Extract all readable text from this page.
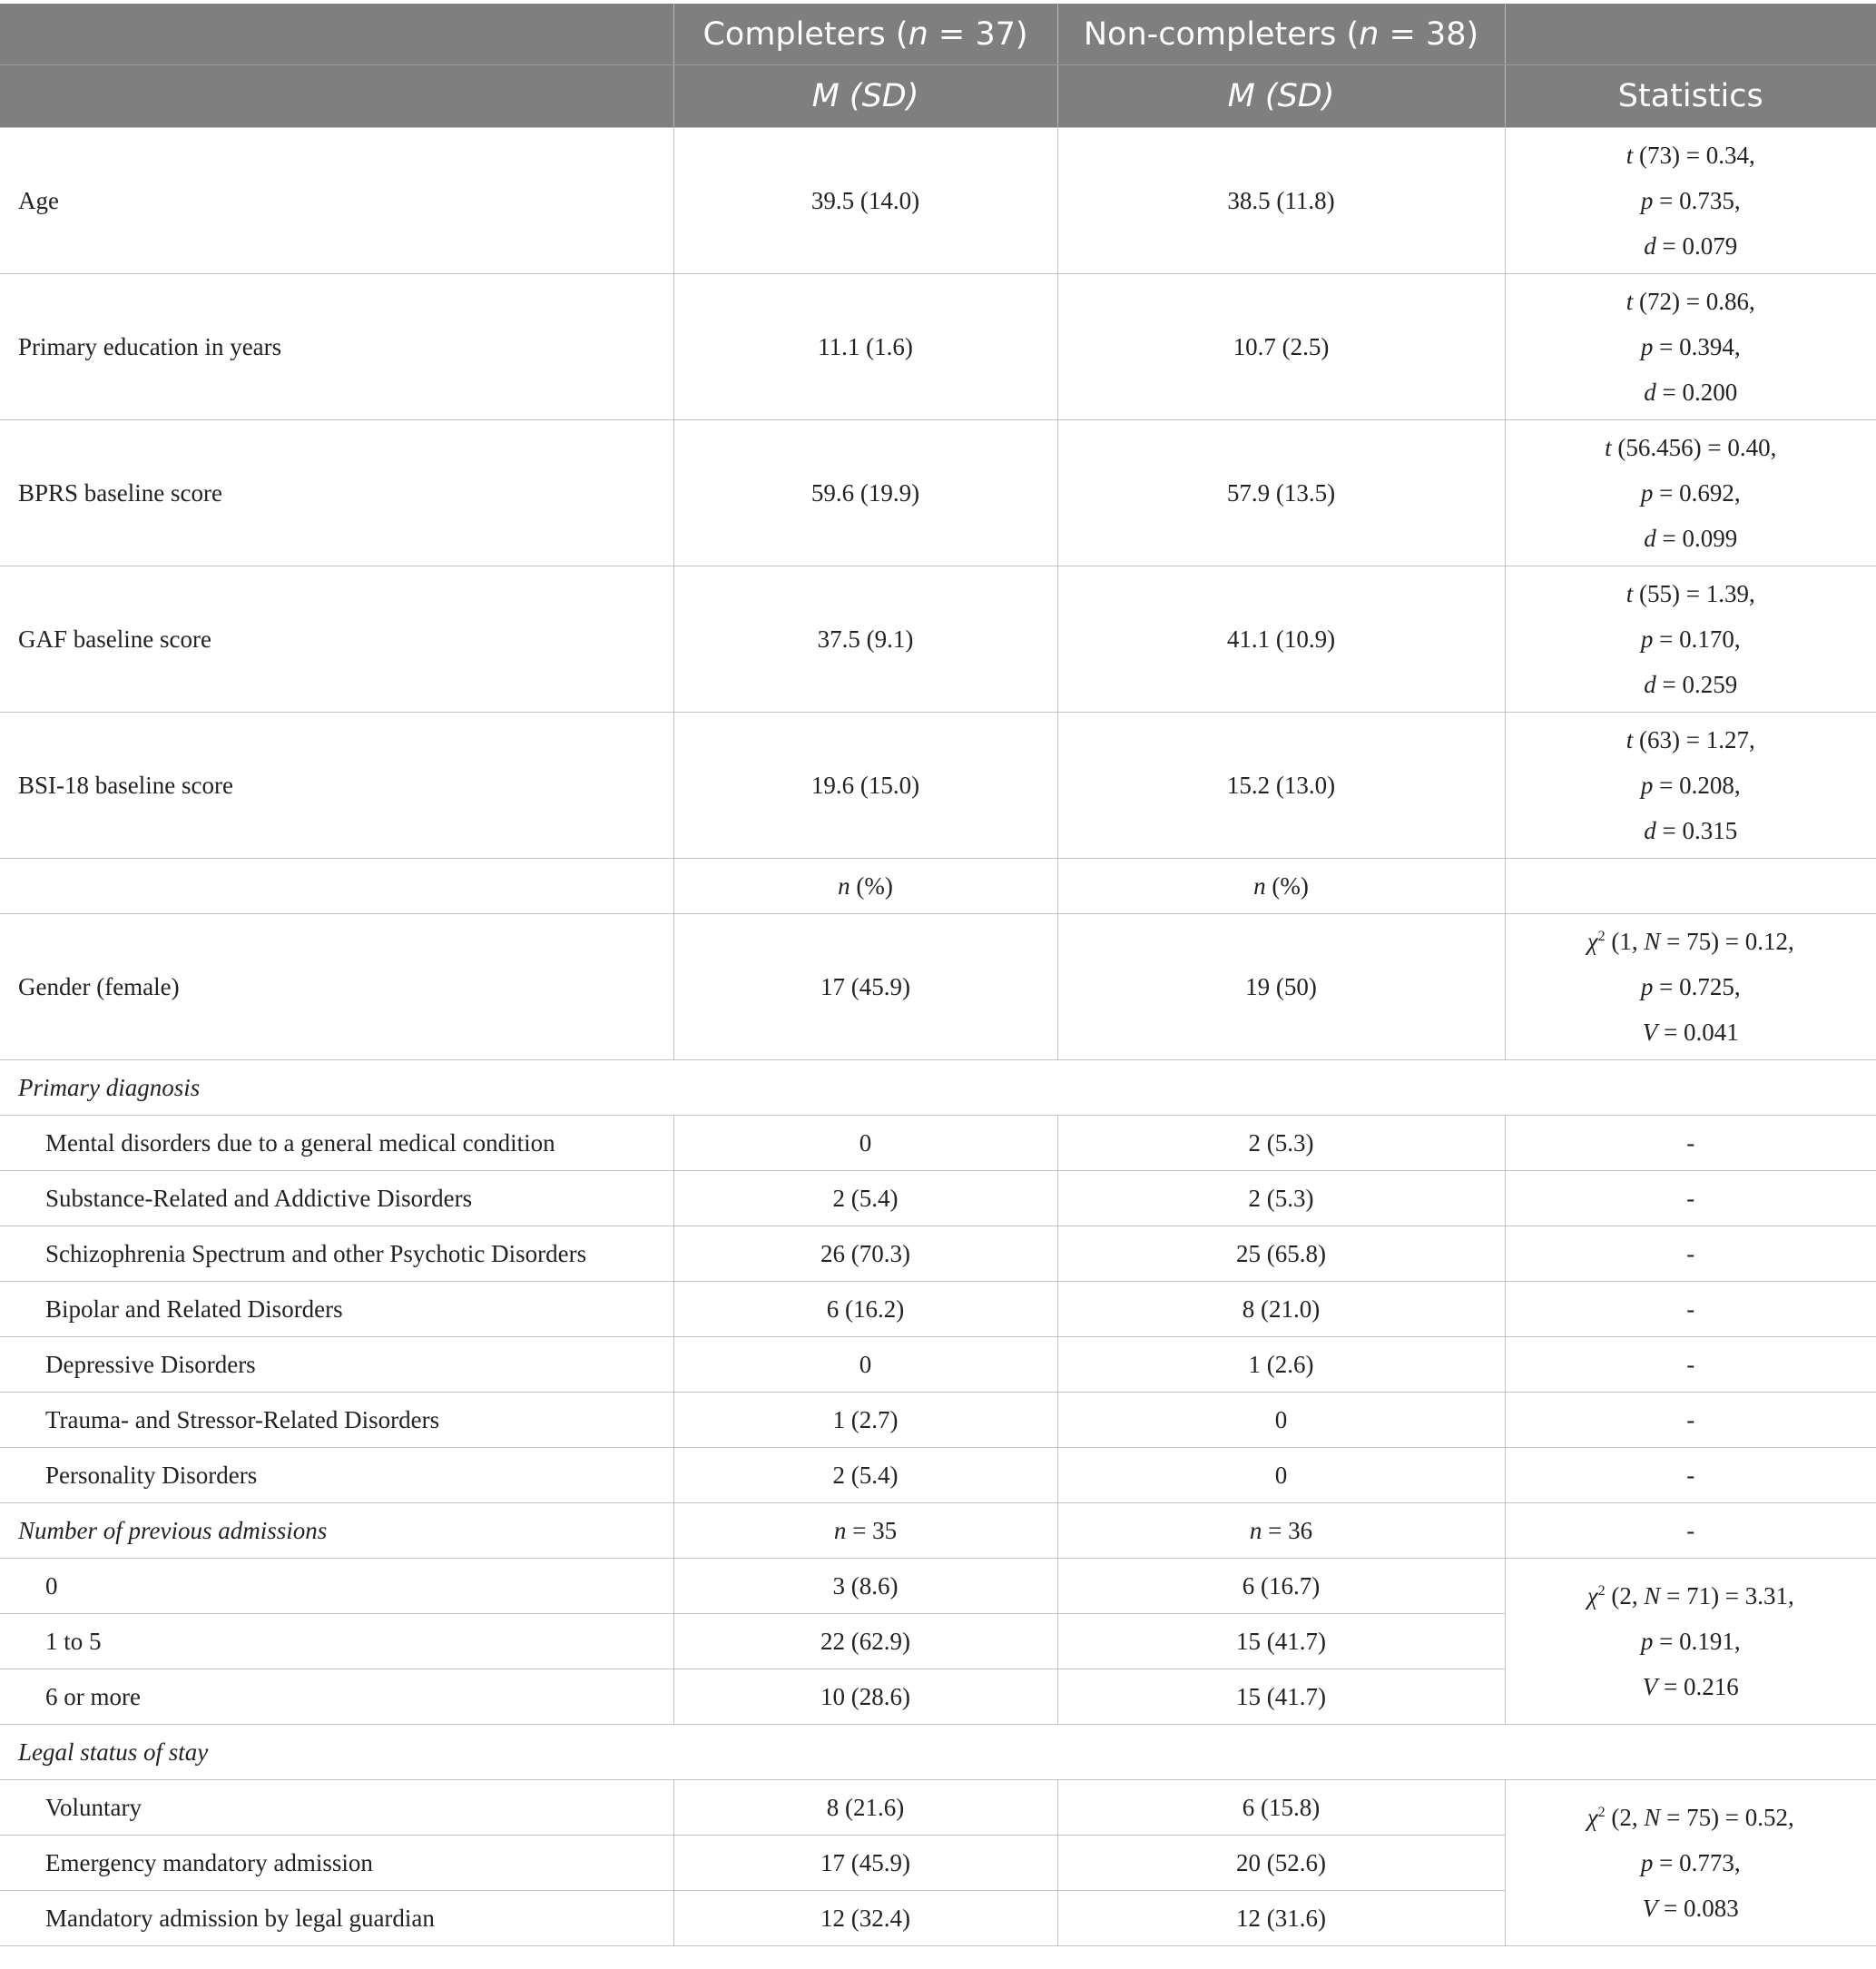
	Completers (n = 37)	Non-completers (n = 38)	
	M (SD)	M (SD)	Statistics
Age	39.5 (14.0)	38.5 (11.8)	t (73) = 0.34,
p = 0.735,
d = 0.079

Primary education in years	11.1 (1.6)	10.7 (2.5)	t (72) = 0.86,
p = 0.394,
d = 0.200

BPRS baseline score	59.6 (19.9)	57.9 (13.5)	t (56.456) = 0.40,
p = 0.692,
d = 0.099

GAF baseline score	37.5 (9.1)	41.1 (10.9)	t (55) = 1.39,
p = 0.170,
d = 0.259

BSI-18 baseline score	19.6 (15.0)	15.2 (13.0)	t (63) = 1.27,
p = 0.208,
d = 0.315

	n (%)	n (%)	
Gender (female)	17 (45.9)	19 (50)	$\chi^2$ (1, N = 75) = 0.12,
p = 0.725,
V = 0.041

Primary diagnosis			
Mental disorders due to a general medical condition	0	2 (5.3)	-
Substance-Related and Addictive Disorders	2 (5.4)	2 (5.3)	-
Schizophrenia Spectrum and other Psychotic Disorders	26 (70.3)	25 (65.8)	-
Bipolar and Related Disorders	6 (16.2)	8 (21.0)	-
Depressive Disorders	0	1 (2.6)	-
Trauma- and Stressor-Related Disorders	1 (2.7)	0	-
Personality Disorders	2 (5.4)	0	-
Number of previous admissions	n = 35	n = 36	-
0	3 (8.6)	6 (16.7)	$\chi^2$ (2, N = 71) = 3.31,
p = 0.191,
V = 0.216

1 to 5	22 (62.9)	15 (41.7)	
6 or more	10 (28.6)	15 (41.7)	
Legal status of stay			
Voluntary	8 (21.6)	6 (15.8)	$\chi^2$ (2, N = 75) = 0.52,
p = 0.773,
V = 0.083

Emergency mandatory admission	17 (45.9)	20 (52.6)	
Mandatory admission by legal guardian	12 (32.4)	12 (31.6)	
